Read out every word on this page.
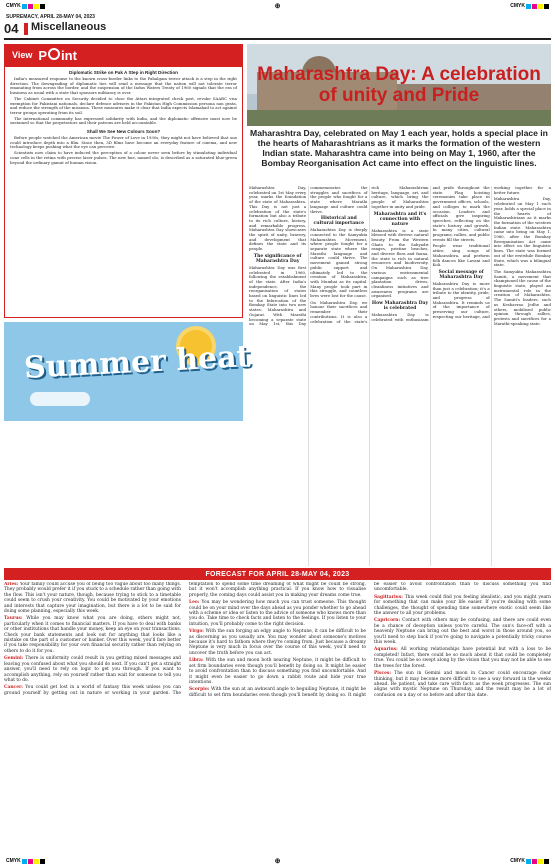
CMYK	⊕	CMYK
SUPREMACY, APRIL 28-MAY 04, 2023
04 Miscellaneous
View P int
Diplomatic Strike on Pak A Step in Right Direction

India's measured response to the known cross-border links to the Pahalgam terror attack is a step in the right direction. The downgrading of diplomatic ties will send a message that the nation will not tolerate terror emanating from across the border, and the suspension of the Indus Waters Treaty of 1960 signals that the era of business as usual with a state that sponsors militancy is over.

The Cabinet Committee on Security decided to close the Attari integrated check post, revoke SAARC visa exemption for Pakistani nationals, declare defence advisers in the Pakistan High Commission persona non grata, and reduce the strength of the missions. These measures make it clear that India expects Islamabad to act against terror groups operating from its soil.

The international community has expressed solidarity with India, and the diplomatic offensive must now be sustained so that the perpetrators and their patrons are held accountable.

Shall We See New Colours Soon?

Before people watched the American movie The Power of Love in 1930s, they might not have believed that one could introduce depth into a film. Since then, 3D films have become an everyday feature of cinema, and new technology keeps pushing what the eye can perceive.

Scientists now claim to have induced the perception of a colour never seen before by stimulating individual cone cells in the retina with precise laser pulses. The new hue, named olo, is described as a saturated blue-green beyond the ordinary gamut of human vision.

Summer heat
Maharashtra Day: A celebration of unity and Pride
Maharashtra Day, celebrated on May 1 each year, holds a special place in the hearts of Maharashtrians as it marks the formation of the western Indian state. Maharashtra came into being on May 1, 1960, after the Bombay Reorganisation Act came into effect on the linguistic lines.

Maharashtra Day, celebrated on 1st May every year, marks the foundation of the state of Maharashtra. This Day is not just a celebration of the state's formation but also a tribute to its rich culture, history, and remarkable progress. Maharashtra Day showcases the spirit of unity, bravery, and development that defines the state and its people.

The significance of Maharashtra Day

Maharashtra Day was first celebrated in 1960, following the establishment of the state. After India's independence, the reorganisation of states based on linguistic lines led to the bifurcation of the Bombay State into two new states: Maharashtra and Gujarat. With Marathi becoming a separate state on May 1st, this Day commemorates the struggles and sacrifices of the people who fought for a state where Marathi language and culture could thrive.

Historical and cultural importance

Maharashtra Day is deeply connected to the Samyukta Maharashtra Movement, where people fought for a separate state where the Marathi language and culture could thrive. The movement gained strong public support and ultimately led to the creation of Maharashtra, with Mumbai as its capital. Many people took part in this struggle, and countless lives were lost for the cause.

On Maharashtra Day, we honour their sacrifices and remember their contributions. It is also a celebration of the state's rich Maharashtrian heritage, language, art, and culture, which bring the people of Maharashtra together in unity and pride.

Maharashtra and it's connection with nature

Maharashtra is a state blessed with diverse natural beauty. From the Western Ghats to the Sahyadri ranges, pristine beaches, and diverse flora and fauna, the state is rich in natural resources and biodiversity. On Maharashtra Day, various environmental campaigns such as tree plantation drives, cleanliness initiatives and awareness programs are organised.

How Maharashtra Day is celebrated

Maharashtra Day is celebrated with enthusiasm and pride throughout the state. Flag hoisting ceremonies take place in government offices, schools, and colleges to mark the occasion. Leaders and officials give inspiring speeches, reflecting on the state's history and growth. In many cities, cultural programs, rallies, and public events fill the streets.

People wear traditional attire, sing songs of Maharashtra, and perform folk dances like Lavani and Koli.

Social message of Maharashtra Day

Maharashtra Day is more than just a celebration; it's a tribute to the identity, pride, and progress of Maharashtra. It reminds us of the importance of preserving our culture, respecting our heritage, and working together for a better future.

Maharashtra Day, celebrated on May 1 each year, holds a special place in the hearts of Maharashtrians as it marks the formation of the western Indian state. Maharashtra came into being on May 1, 1960, after the Bombay Reorganisation Act came into effect on the linguistic lines. The state was formed out of the erstwhile Bombay State, which was a bilingual state.

The Samyukta Maharashtra Samiti, a movement that championed the cause of the linguistic state, played an instrumental role in the creation of Maharashtra. The Samiti's leaders, such as Keshavrao Jedhe and others, mobilised public opinion through rallies, protests and sacrifices for a Marathi-speaking state.

FORECAST FOR APRIL 28-MAY 04, 2023

Aries: Your family could accuse you of being too vague about too many things. They probably would prefer it if you stuck to a schedule rather than going with the flow. This isn't your nature, though, because trying to stick to a timetable could seem to crush your creativity. You could be motivated by your emotions and interests that capture your imagination, but there is a lot to be said for doing some planning, especially this week.

Taurus: While you may know what you are doing, others might not, particularly when it comes to financial matters. If you have to deal with banks or other institutions that handle your money, keep an eye on your transactions. Check your bank statements and look out for anything that looks like a mistake on the part of a customer or banker. Over this week, you'll fare better if you take responsibility for your own financial security rather than relying on others to do it for you.

Gemini: There is uniformity could result in you getting mixed messages and leaving you confused about what you should do next. If you can't get a straight answer, you'll need to rely on logic to get you through. If you want to accomplish anything, rely on yourself rather than wait for someone to tell you what to do.

Cancer: You could get lost in a world of fantasy this week unless you can ground yourself by getting out in nature or working in your garden. The temptation to spend some time dreaming of what might be could be strong, but it won't accomplish anything practical. If you know how to visualise properly, the coming days could assist you in making your dreams come true.

Leo: You may be wondering how much you can trust someone. This thought could be on your mind over the days ahead as you ponder whether to go ahead with a scheme or idea or listen to the advice of someone who knows more than you do. Take time to check facts and listen to the feelings. If you listen to your intuition, you'll probably come to the right decision.

Virgo: With the sun forging an edgy angle to Neptune, it can be difficult to be as discerning as you usually are. You may wonder about someone's motives because it's hard to fathom where they're coming from. Just because a dreamy Neptune is very much in focus over the course of this week, you'll need to uncover the truth before you can act.

Libra: With the sun and moon both nearing Neptune, it might be difficult to set firm boundaries even though you'll benefit by doing so. It might be easier to avoid confrontation than to discuss something you find uncomfortable. And it might even be easier to go down a rabbit route and hide your true intentions.

Scorpio: With the sun at an awkward angle to beguiling Neptune, it might be difficult to set firm boundaries even though you'll benefit by doing so. It might be easier to avoid confrontation than to discuss something you find uncomfortable.

Sagittarius: This week could find you feeling idealistic, and you might yearn for something that can make your life easier. If you're dealing with some challenges, the thought of spending time somewhere exotic could seem like the answer to all your problems.

Capricorn: Contact with others may be confusing, and there are could even be a chance of deception unless you're careful. The sun's face-off with a heavenly Neptune can bring out the best and worst in those around you, so you'll need to step back if you're going to navigate a potentially tricky course this week.

Aquarius: All working relationships have potential but with a loss to be completed! Infact, there could be so much about it that could be completely true. You could be so swept along by the vision that you may not be able to see the trees for the forest.

Pisces: The sun in Gemini and moon in Cancer could encourage clear thinking, but it may become more difficult to see a way forward in the weeks ahead. Be patient, and take care with facts as the week progresses. The sun aligns with mystic Neptune on Thursday, and the result may be a lot of confusion on a day or so before and after this date.

CMYK	⊕	CMYK
